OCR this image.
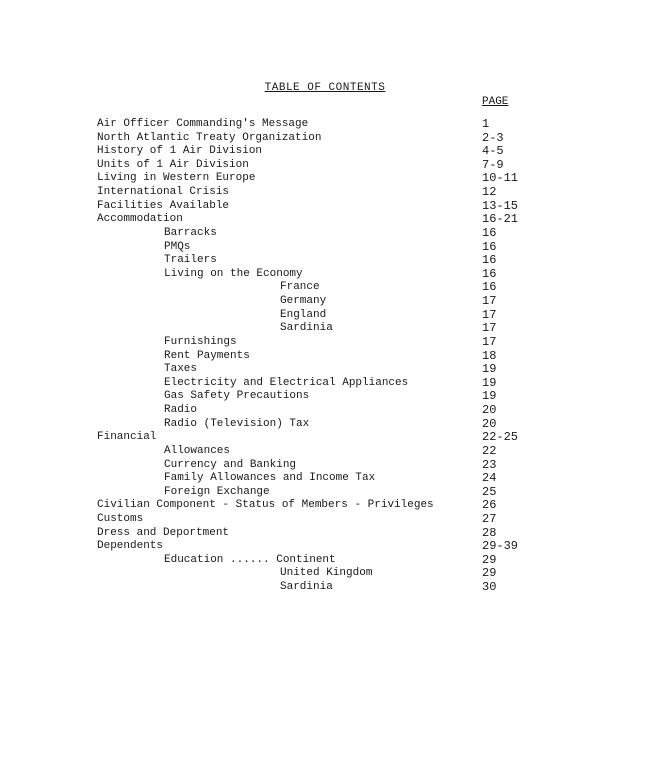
TABLE OF CONTENTS
PAGE
Air Officer Commanding's Message	1
North Atlantic Treaty Organization	2-3
History of 1 Air Division	4-5
Units of 1 Air Division	7-9
Living in Western Europe	10-11
International Crisis	12
Facilities Available	13-15
Accommodation	16-21
Barracks	16
PMQs	16
Trailers	16
Living on the Economy	16
France	16
Germany	17
England	17
Sardinia	17
Furnishings	17
Rent Payments	18
Taxes	19
Electricity and Electrical Appliances	19
Gas Safety Precautions	19
Radio	20
Radio (Television) Tax	20
Financial	22-25
Allowances	22
Currency and Banking	23
Family Allowances and Income Tax	24
Foreign Exchange	25
Civilian Component - Status of Members - Privileges	26
Customs	27
Dress and Deportment	28
Dependents	29-39
Education ...... Continent	29
United Kingdom	29
Sardinia	30
